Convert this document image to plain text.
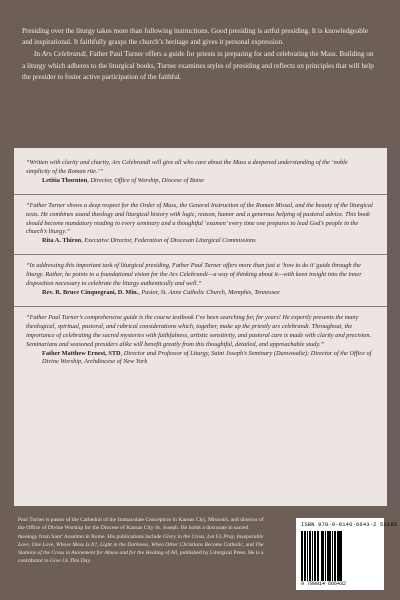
Presiding over the liturgy takes more than following instructions. Good presiding is artful presiding. It is knowledgeable and inspirational. It faithfully grasps the church’s heritage and gives it personal expression.

In Ars Celebrandi, Father Paul Turner offers a guide for priests in preparing for and celebrating the Mass. Building on a liturgy which adheres to the liturgical books, Turner examines styles of presiding and reflects on principles that will help the presider to foster active participation of the faithful.

“Written with clarity and charity, Ars Celebrandi will give all who care about the Mass a deepened understanding of the ‘noble simplicity of the Roman rite.’”

Letitia Thornton, Director, Office of Worship, Diocese of Boise

“Father Turner shows a deep respect for the Order of Mass, the General Instruction of the Roman Missal, and the beauty of the liturgical texts. He combines sound theology and liturgical history with logic, reason, humor and a generous helping of pastoral advice. This book should become mandatory reading in every seminary and a thoughtful ‘examen’ every time one prepares to lead God’s people in the church’s liturgy.”

Rita A. Thiron, Executive Director, Federation of Diocesan Liturgical Commissions

“In addressing this important task of liturgical presiding, Father Paul Turner offers more than just a ‘how to do it’ guide through the liturgy. Rather, he points to a foundational vision for the Ars Celebrandi—a way of thinking about it—with keen insight into the inner disposition necessary to celebrate the liturgy authentically and well.”

Rev. R. Bruce Cinquegrani, D. Min., Pastor, St. Anne Catholic Church, Memphis, Tennessee

“Father Paul Turner’s comprehensive guide is the course textbook I’ve been searching for, for years! He expertly presents the many theological, spiritual, pastoral, and rubrical considerations which, together, make up the priestly ars celebrandi. Throughout, the importance of celebrating the sacred mysteries with faithfulness, artistic sensitivity, and pastoral care is made with clarity and precision. Seminarians and seasoned presiders alike will benefit greatly from this thoughtful, detailed, and approachable study.”

Father Matthew Ernest, STD, Director and Professor of Liturgy, Saint Joseph’s Seminary (Dunwoodie); Director of the Office of Divine Worship, Archdiocese of New York

Paul Turner is pastor of the Cathedral of the Immaculate Conception in Kansas City, Missouri, and director of the Office of Divine Worship for the Diocese of Kansas City-St. Joseph. He holds a doctorate in sacred theology from Sant’ Anselmo in Rome. His publications include Glory in the Cross, Let Us Pray, Inseparable Love, One Love, Whose Mass Is It?, Light in the Darkness, When Other Christians Become Catholic, and The Stations of the Cross in Atonement for Abuse and for the Healing of All, published by Liturgical Press. He is a contributor to Give Us This Day.

ISBN 978-0-8146-6643-2 52195
9 780814 666432
